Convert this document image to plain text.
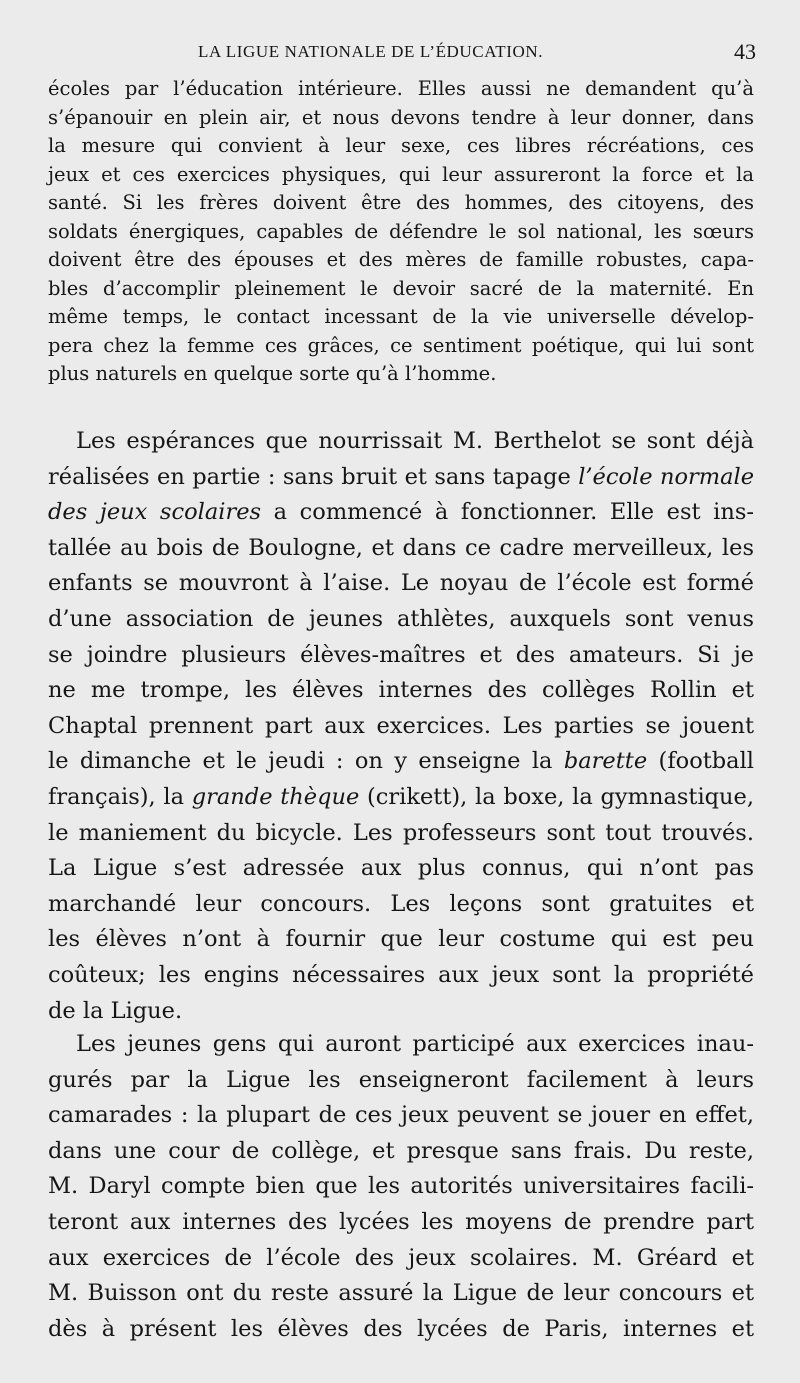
LA LIGUE NATIONALE DE L’ÉDUCATION.	43
écoles par l’éducation intérieure. Elles aussi ne demandent qu’à
s’épanouir en plein air, et nous devons tendre à leur donner, dans
la mesure qui convient à leur sexe, ces libres récréations, ces
jeux et ces exercices physiques, qui leur assureront la force et la
santé. Si les frères doivent être des hommes, des citoyens, des
soldats énergiques, capables de défendre le sol national, les sœurs
doivent être des épouses et des mères de famille robustes, capa-
bles d’accomplir pleinement le devoir sacré de la maternité. En
même temps, le contact incessant de la vie universelle dévelop-
pera chez la femme ces grâces, ce sentiment poétique, qui lui sont
plus naturels en quelque sorte qu’à l’homme.
Les espérances que nourrissait M. Berthelot se sont déjà
réalisées en partie : sans bruit et sans tapage l’école normale
des jeux scolaires a commencé à fonctionner. Elle est ins-
tallée au bois de Boulogne, et dans ce cadre merveilleux, les
enfants se mouvront à l’aise. Le noyau de l’école est formé
d’une association de jeunes athlètes, auxquels sont venus
se joindre plusieurs élèves-maîtres et des amateurs. Si je
ne me trompe, les élèves internes des collèges Rollin et
Chaptal prennent part aux exercices. Les parties se jouent
le dimanche et le jeudi : on y enseigne la barette (football
français), la grande thèque (crikett), la boxe, la gymnastique,
le maniement du bicycle. Les professeurs sont tout trouvés.
La Ligue s’est adressée aux plus connus, qui n’ont pas
marchandé leur concours. Les leçons sont gratuites et
les élèves n’ont à fournir que leur costume qui est peu
coûteux; les engins nécessaires aux jeux sont la propriété
de la Ligue.
Les jeunes gens qui auront participé aux exercices inau-
gurés par la Ligue les enseigneront facilement à leurs
camarades : la plupart de ces jeux peuvent se jouer en effet,
dans une cour de collège, et presque sans frais. Du reste,
M. Daryl compte bien que les autorités universitaires facili-
teront aux internes des lycées les moyens de prendre part
aux exercices de l’école des jeux scolaires. M. Gréard et
M. Buisson ont du reste assuré la Ligue de leur concours et
dès à présent les élèves des lycées de Paris, internes et
